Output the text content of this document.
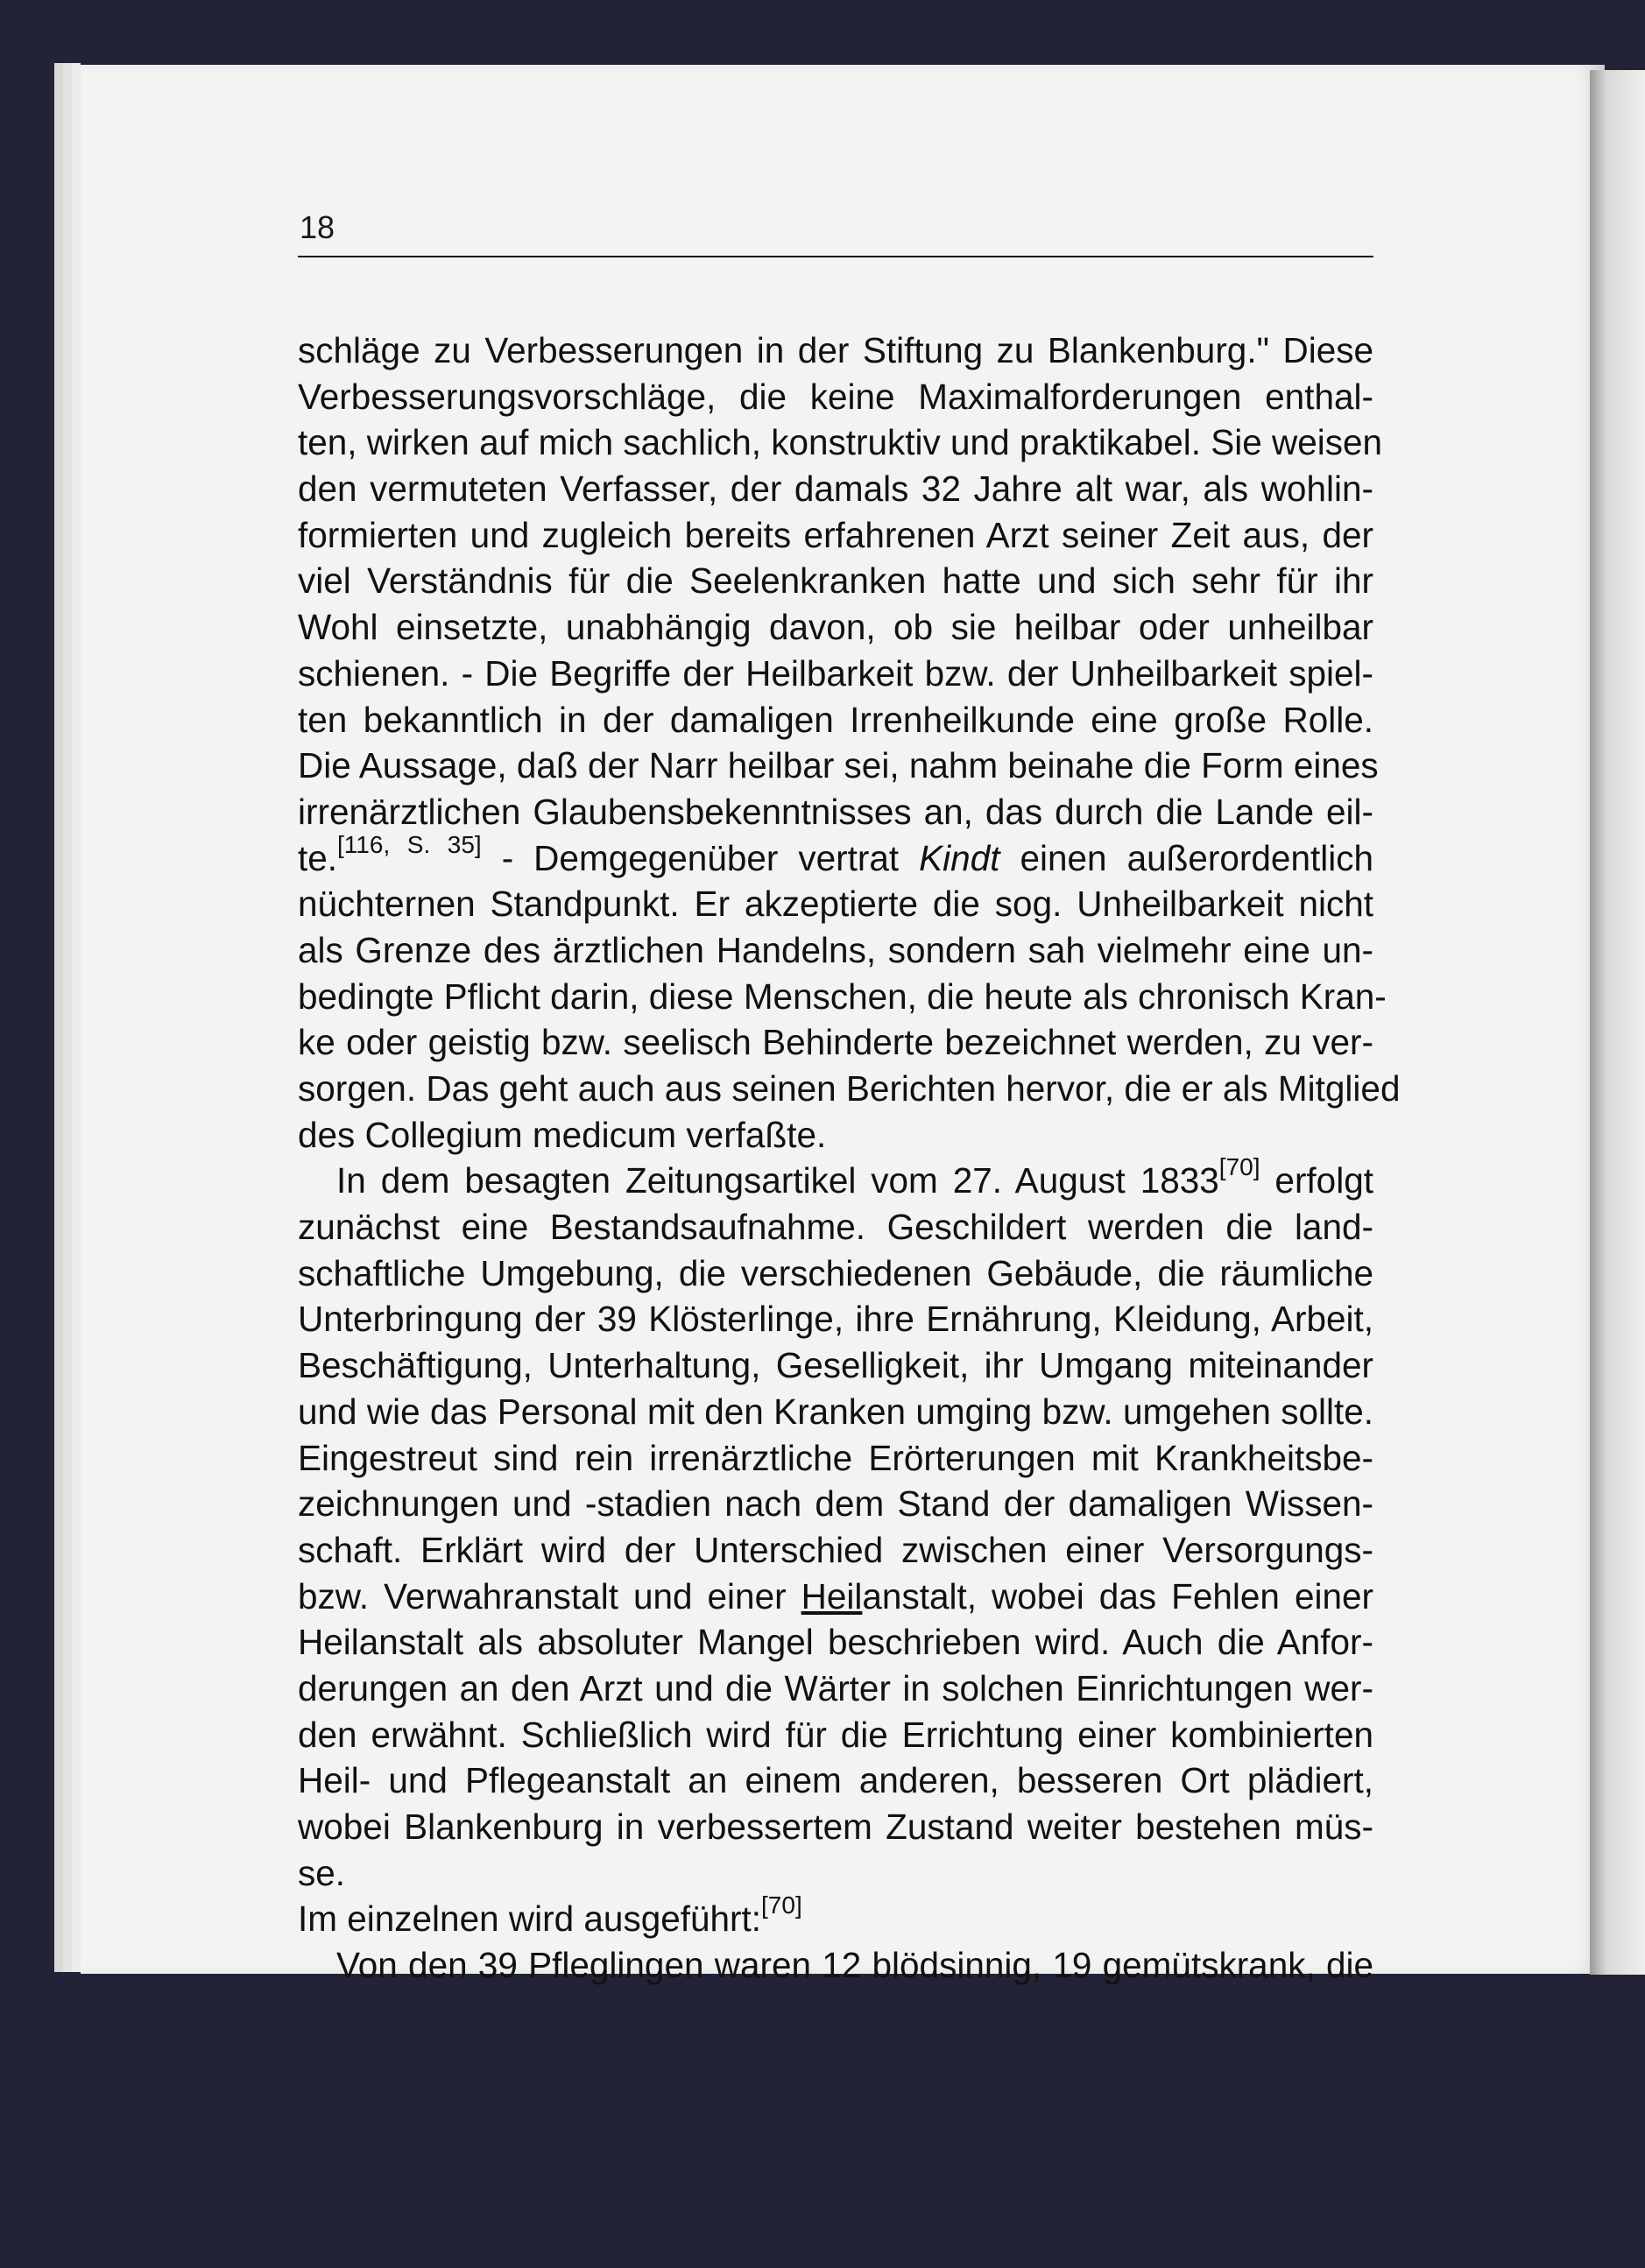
18
schläge zu Verbesserungen in der Stiftung zu Blankenburg." Diese
Verbesserungsvorschläge, die keine Maximalforderungen enthal-
ten, wirken auf mich sachlich, konstruktiv und praktikabel. Sie weisen
den vermuteten Verfasser, der damals 32 Jahre alt war, als wohlin-
formierten und zugleich bereits erfahrenen Arzt seiner Zeit aus, der
viel Verständnis für die Seelenkranken hatte und sich sehr für ihr
Wohl einsetzte, unabhängig davon, ob sie heilbar oder unheilbar
schienen. - Die Begriffe der Heilbarkeit bzw. der Unheilbarkeit spiel-
ten bekanntlich in der damaligen Irrenheilkunde eine große Rolle.
Die Aussage, daß der Narr heilbar sei, nahm beinahe die Form eines
irrenärztlichen Glaubensbekenntnisses an, das durch die Lande eil-
te.[116, S. 35] - Demgegenüber vertrat Kindt einen außerordentlich
nüchternen Standpunkt. Er akzeptierte die sog. Unheilbarkeit nicht
als Grenze des ärztlichen Handelns, sondern sah vielmehr eine un-
bedingte Pflicht darin, diese Menschen, die heute als chronisch Kran-
ke oder geistig bzw. seelisch Behinderte bezeichnet werden, zu ver-
sorgen. Das geht auch aus seinen Berichten hervor, die er als Mitglied
des Collegium medicum verfaßte.
In dem besagten Zeitungsartikel vom 27. August 1833[70] erfolgt
zunächst eine Bestandsaufnahme. Geschildert werden die land-
schaftliche Umgebung, die verschiedenen Gebäude, die räumliche
Unterbringung der 39 Klösterlinge, ihre Ernährung, Kleidung, Arbeit,
Beschäftigung, Unterhaltung, Geselligkeit, ihr Umgang miteinander
und wie das Personal mit den Kranken umging bzw. umgehen sollte.
Eingestreut sind rein irrenärztliche Erörterungen mit Krankheitsbe-
zeichnungen und -stadien nach dem Stand der damaligen Wissen-
schaft. Erklärt wird der Unterschied zwischen einer Versorgungs-
bzw. Verwahranstalt und einer Heilanstalt, wobei das Fehlen einer
Heilanstalt als absoluter Mangel beschrieben wird. Auch die Anfor-
derungen an den Arzt und die Wärter in solchen Einrichtungen wer-
den erwähnt. Schließlich wird für die Errichtung einer kombinierten
Heil- und Pflegeanstalt an einem anderen, besseren Ort plädiert,
wobei Blankenburg in verbessertem Zustand weiter bestehen müs-
se.
Im einzelnen wird ausgeführt:[70]
Von den 39 Pfleglingen waren 12 blödsinnig, 19 gemütskrank, die
